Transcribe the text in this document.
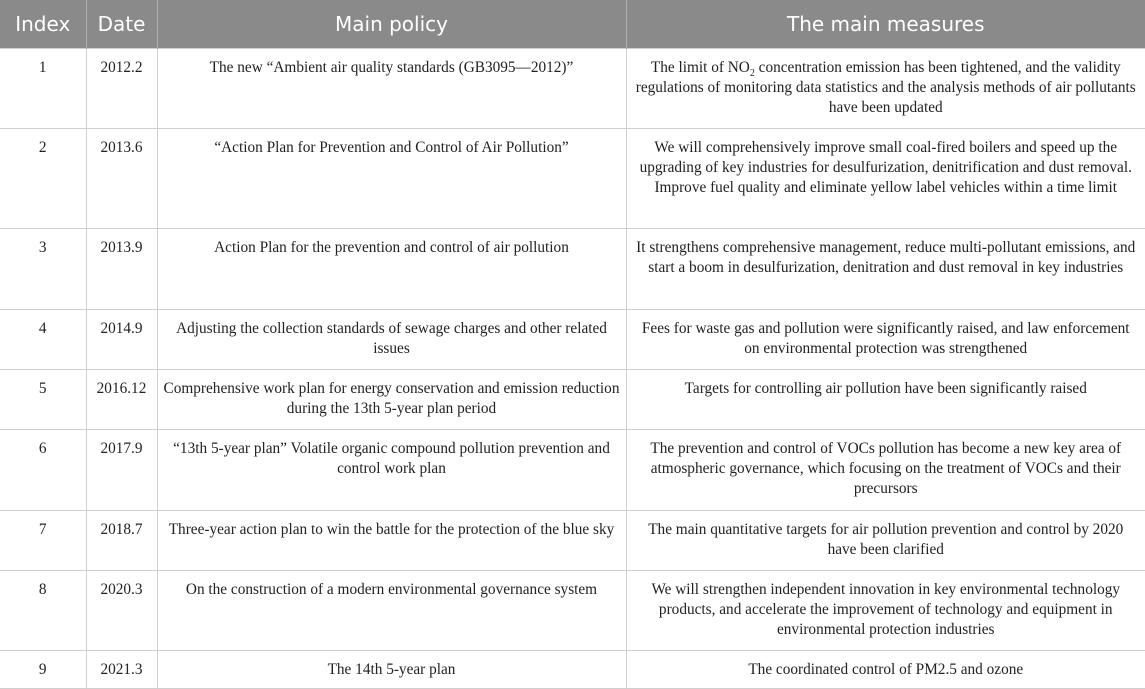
Index	Date	Main policy	The main measures
1	2012.2	The new “Ambient air quality standards (GB3095—2012)”	The limit of $NO_2$ concentration emission has been tightened, and the validity regulations of monitoring data statistics and the analysis methods of air pollutants have been updated
2	2013.6	“Action Plan for Prevention and Control of Air Pollution”	We will comprehensively improve small coal-fired boilers and speed up the upgrading of key industries for desulfurization, denitrification and dust removal. Improve fuel quality and eliminate yellow label vehicles within a time limit
3	2013.9	Action Plan for the prevention and control of air pollution	It strengthens comprehensive management, reduce multi-pollutant emissions, and start a boom in desulfurization, denitration and dust removal in key industries
4	2014.9	Adjusting the collection standards of sewage charges and other related issues	Fees for waste gas and pollution were significantly raised, and law enforcement on environmental protection was strengthened
5	2016.12	Comprehensive work plan for energy conservation and emission reduction during the 13th 5-year plan period	Targets for controlling air pollution have been significantly raised
6	2017.9	“13th 5-year plan” Volatile organic compound pollution prevention and control work plan	The prevention and control of VOCs pollution has become a new key area of atmospheric governance, which focusing on the treatment of VOCs and their precursors
7	2018.7	Three-year action plan to win the battle for the protection of the blue sky	The main quantitative targets for air pollution prevention and control by 2020 have been clarified
8	2020.3	On the construction of a modern environmental governance system	We will strengthen independent innovation in key environmental technology products, and accelerate the improvement of technology and equipment in environmental protection industries
9	2021.3	The 14th 5-year plan	The coordinated control of PM2.5 and ozone
